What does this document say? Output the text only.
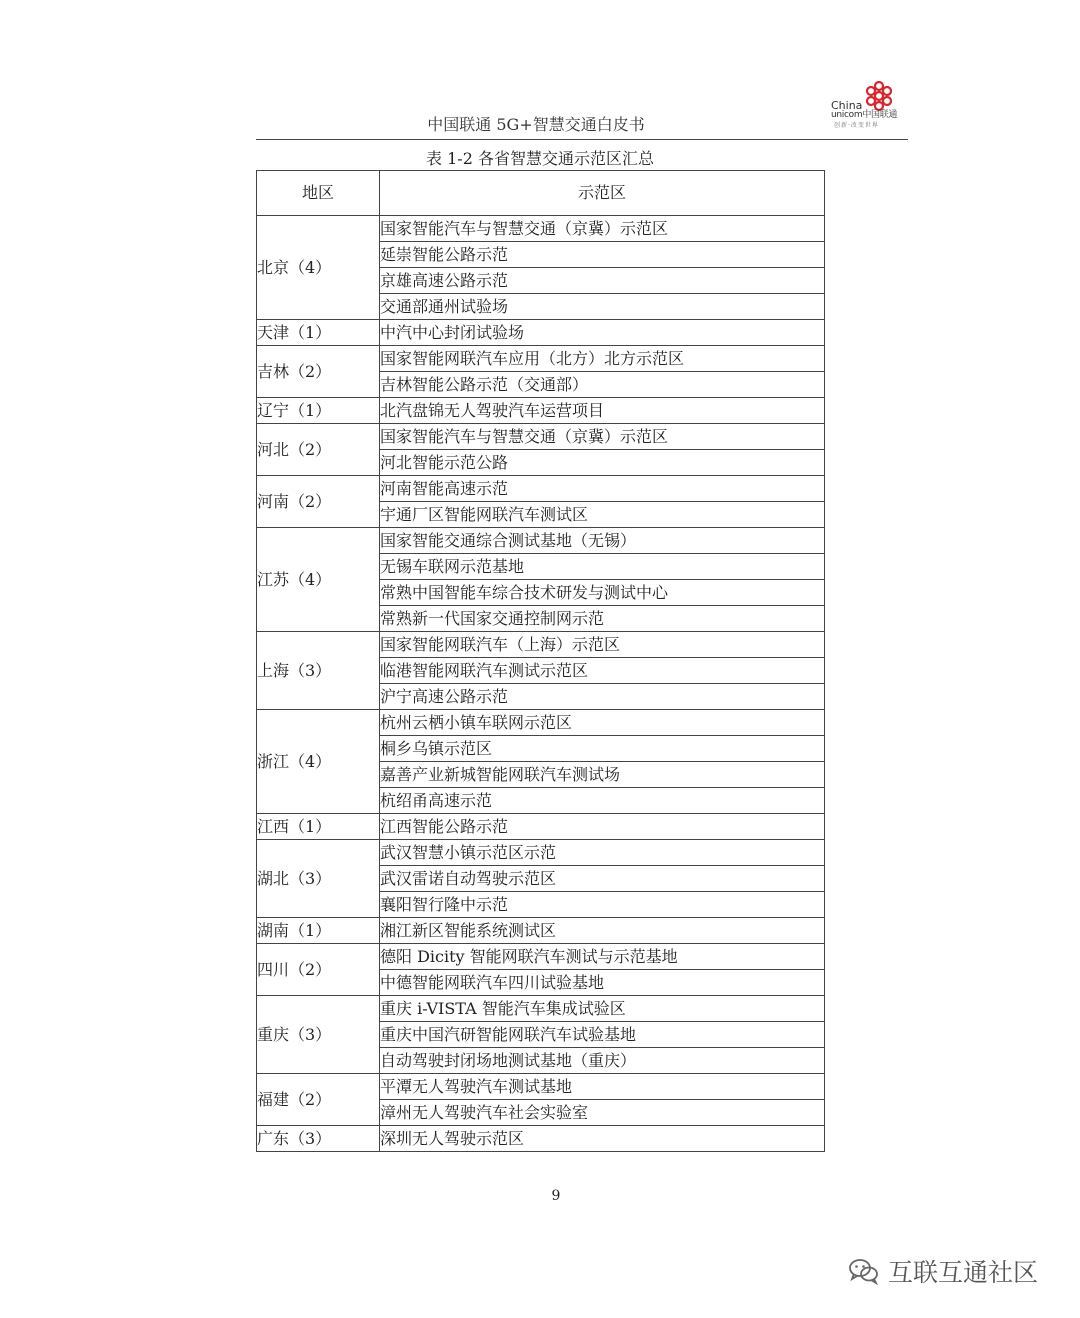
中国联通 5G+智慧交通白皮书
China
unicom中国联通
创新·改变世界
表 1-2 各省智慧交通示范区汇总
地区	示范区
北京（4）	国家智能汽车与智慧交通（京冀）示范区
	延崇智能公路示范
	京雄高速公路示范
	交通部通州试验场
天津（1）	中汽中心封闭试验场
吉林（2）	国家智能网联汽车应用（北方）北方示范区
	吉林智能公路示范（交通部）
辽宁（1）	北汽盘锦无人驾驶汽车运营项目
河北（2）	国家智能汽车与智慧交通（京冀）示范区
	河北智能示范公路
河南（2）	河南智能高速示范
	宇通厂区智能网联汽车测试区
江苏（4）	国家智能交通综合测试基地（无锡）
	无锡车联网示范基地
	常熟中国智能车综合技术研发与测试中心
	常熟新一代国家交通控制网示范
上海（3）	国家智能网联汽车（上海）示范区
	临港智能网联汽车测试示范区
	沪宁高速公路示范
浙江（4）	杭州云栖小镇车联网示范区
	桐乡乌镇示范区
	嘉善产业新城智能网联汽车测试场
	杭绍甬高速示范
江西（1）	江西智能公路示范
湖北（3）	武汉智慧小镇示范区示范
	武汉雷诺自动驾驶示范区
	襄阳智行隆中示范
湖南（1）	湘江新区智能系统测试区
四川（2）	德阳 Dicity 智能网联汽车测试与示范基地
	中德智能网联汽车四川试验基地
重庆（3）	重庆 i-VISTA 智能汽车集成试验区
	重庆中国汽研智能网联汽车试验基地
	自动驾驶封闭场地测试基地（重庆）
福建（2）	平潭无人驾驶汽车测试基地
	漳州无人驾驶汽车社会实验室
广东（3）	深圳无人驾驶示范区
9
互联互通社区
